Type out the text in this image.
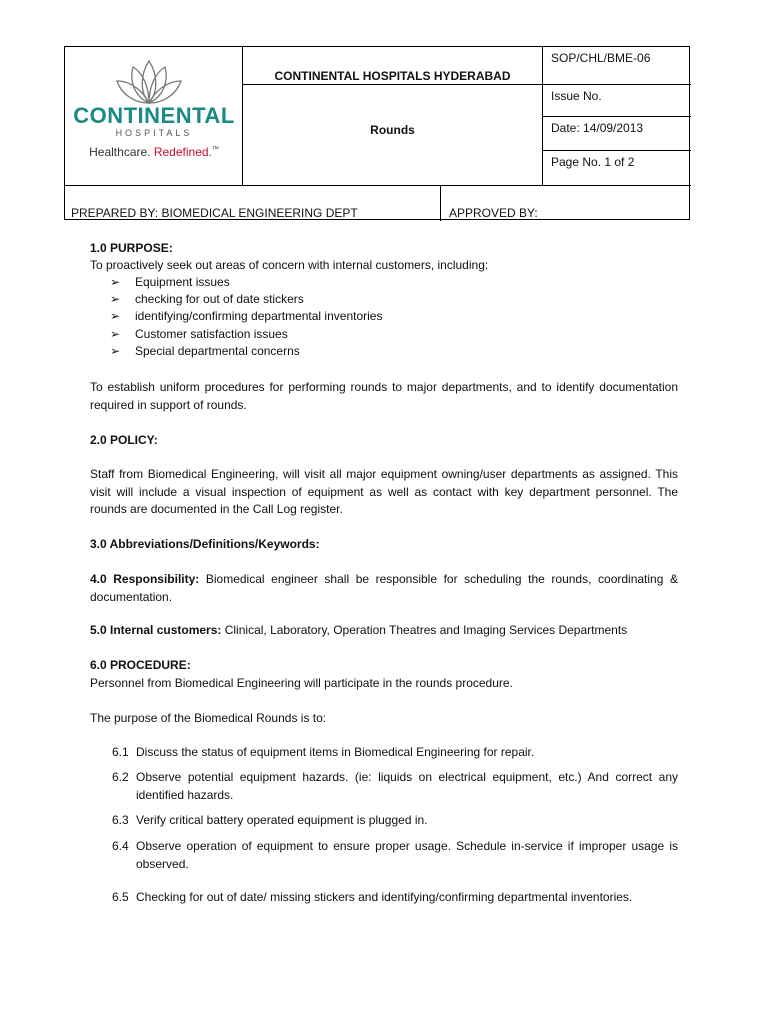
CONTINENTAL
HOSPITALS
Healthcare. Redefined.™
CONTINENTAL HOSPITALS HYDERABAD
Rounds
SOP/CHL/BME-06
Issue No.
Date: 14/09/2013
Page No. 1 of 2
PREPARED BY: BIOMEDICAL ENGINEERING DEPT	APPROVED BY:
1.0 PURPOSE:
To proactively seek out areas of concern with internal customers, including:
➢ Equipment issues
➢ checking for out of date stickers
➢ identifying/confirming departmental inventories
➢ Customer satisfaction issues
➢ Special departmental concerns
To establish uniform procedures for performing rounds to major departments, and to identify documentation required in support of rounds.
2.0 POLICY:
Staff from Biomedical Engineering, will visit all major equipment owning/user departments as assigned. This visit will include a visual inspection of equipment as well as contact with key department personnel. The rounds are documented in the Call Log register.
3.0 Abbreviations/Definitions/Keywords:
4.0 Responsibility: Biomedical engineer shall be responsible for scheduling the rounds, coordinating & documentation.
5.0 Internal customers: Clinical, Laboratory, Operation Theatres and Imaging Services Departments
6.0 PROCEDURE:
Personnel from Biomedical Engineering will participate in the rounds procedure.
The purpose of the Biomedical Rounds is to:
6.1 Discuss the status of equipment items in Biomedical Engineering for repair.
6.2 Observe potential equipment hazards. (ie: liquids on electrical equipment, etc.) And correct any identified hazards.
6.3 Verify critical battery operated equipment is plugged in.
6.4 Observe operation of equipment to ensure proper usage. Schedule in-service if improper usage is observed.
6.5 Checking for out of date/ missing stickers and identifying/confirming departmental inventories.
